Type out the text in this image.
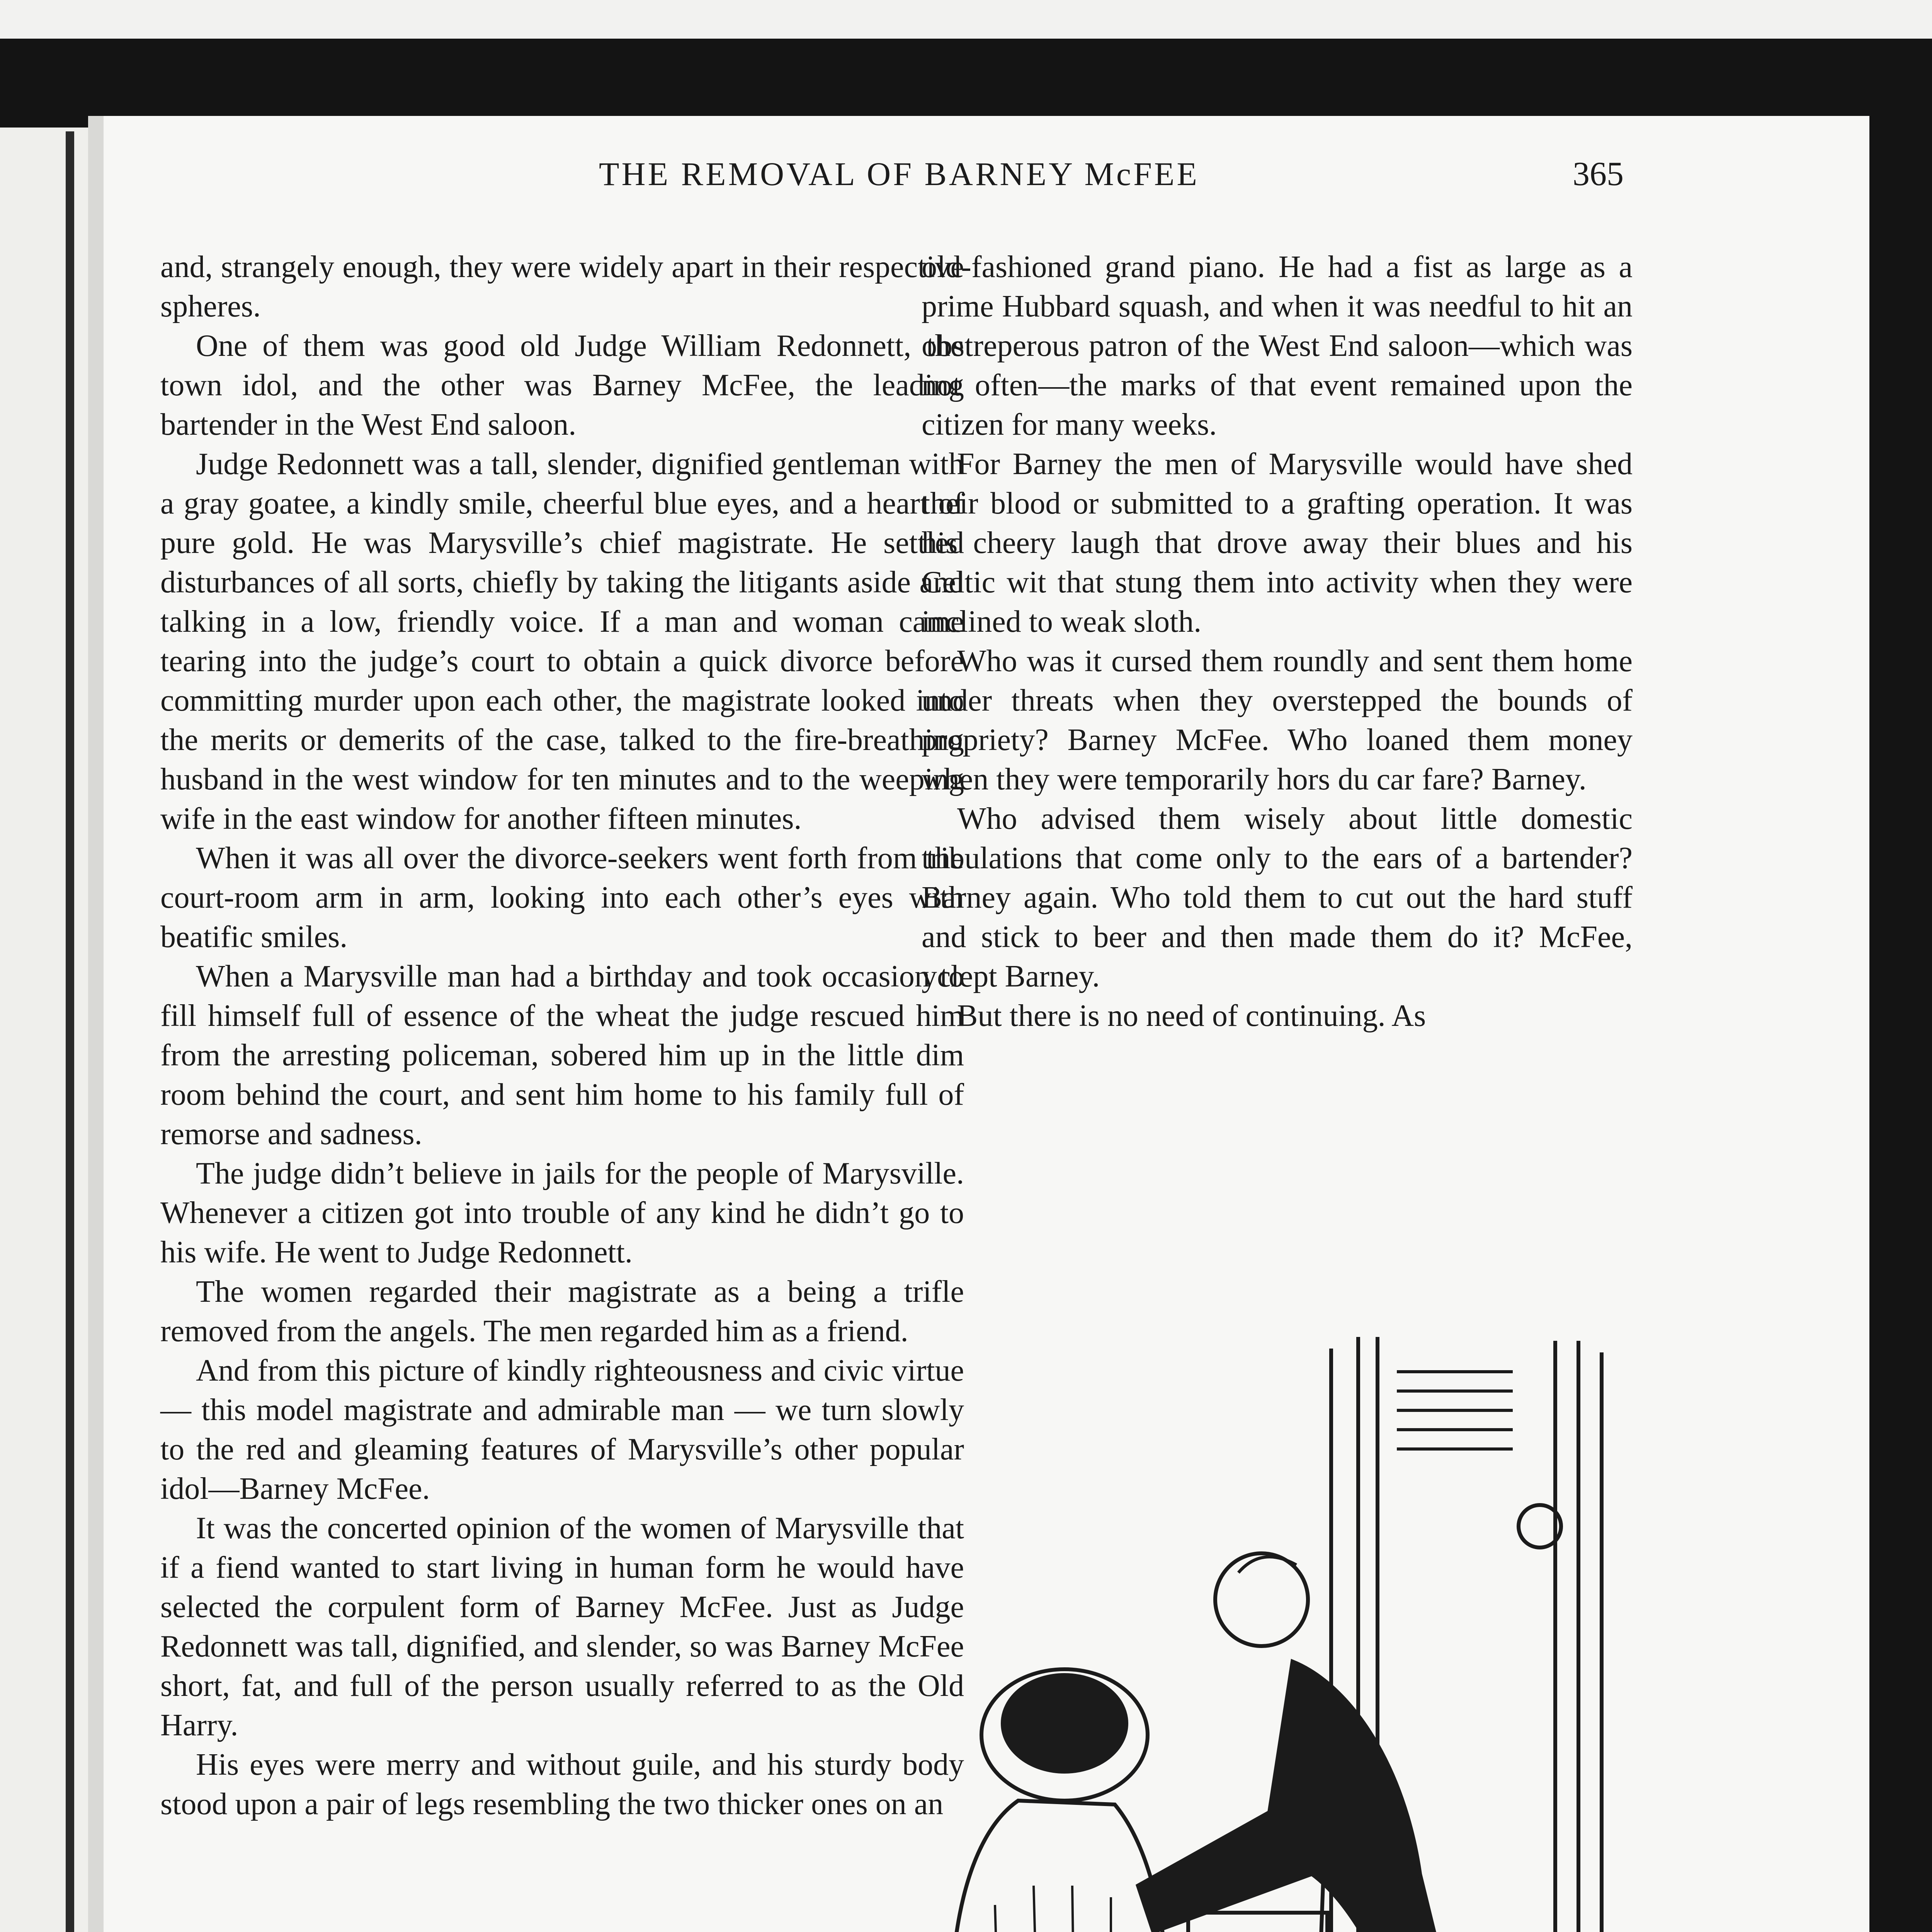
THE REMOVAL OF BARNEY McFEE	365

and, strangely enough, they were widely apart in their respective spheres.

One of them was good old Judge William Redonnett, the town idol, and the other was Barney McFee, the leading bartender in the West End saloon.

Judge Redonnett was a tall, slender, dignified gentleman with a gray goatee, a kindly smile, cheerful blue eyes, and a heart of pure gold. He was Marysville’s chief magistrate. He settled disturbances of all sorts, chiefly by taking the litigants aside and talking in a low, friendly voice. If a man and woman came tearing into the judge’s court to obtain a quick divorce before committing murder upon each other, the magistrate looked into the merits or demerits of the case, talked to the fire-breathing husband in the west window for ten minutes and to the weeping wife in the east window for another fifteen minutes.

When it was all over the divorce-seekers went forth from the court-room arm in arm, looking into each other’s eyes with beatific smiles.

When a Marysville man had a birthday and took occasion to fill himself full of essence of the wheat the judge rescued him from the arresting policeman, sobered him up in the little dim room behind the court, and sent him home to his family full of remorse and sadness.

The judge didn’t believe in jails for the people of Marysville. Whenever a citizen got into trouble of any kind he didn’t go to his wife. He went to Judge Redonnett.

The women regarded their magistrate as a being a trifle removed from the angels. The men regarded him as a friend.

And from this picture of kindly righteousness and civic virtue — this model magistrate and admirable man — we turn slowly to the red and gleaming features of Marysville’s other popular idol—Barney McFee.

It was the concerted opinion of the women of Marysville that if a fiend wanted to start living in human form he would have selected the corpulent form of Barney McFee. Just as Judge Redonnett was tall, dignified, and slender, so was Barney McFee short, fat, and full of the person usually referred to as the Old Harry.

His eyes were merry and without guile, and his sturdy body stood upon a pair of legs resembling the two thicker ones on an

old-fashioned grand piano. He had a fist as large as a prime Hubbard squash, and when it was needful to hit an obstreperous patron of the West End saloon—which was not often—the marks of that event remained upon the citizen for many weeks.

For Barney the men of Marysville would have shed their blood or submitted to a grafting operation. It was his cheery laugh that drove away their blues and his Celtic wit that stung them into activity when they were inclined to weak sloth.

Who was it cursed them roundly and sent them home under threats when they overstepped the bounds of propriety? Barney McFee. Who loaned them money when they were temporarily hors du car fare? Barney.

Who advised them wisely about little domestic tribulations that come only to the ears of a bartender? Barney again. Who told them to cut out the hard stuff and stick to beer and then made them do it? McFee, yclept Barney.

But there is no need of continuing. As
